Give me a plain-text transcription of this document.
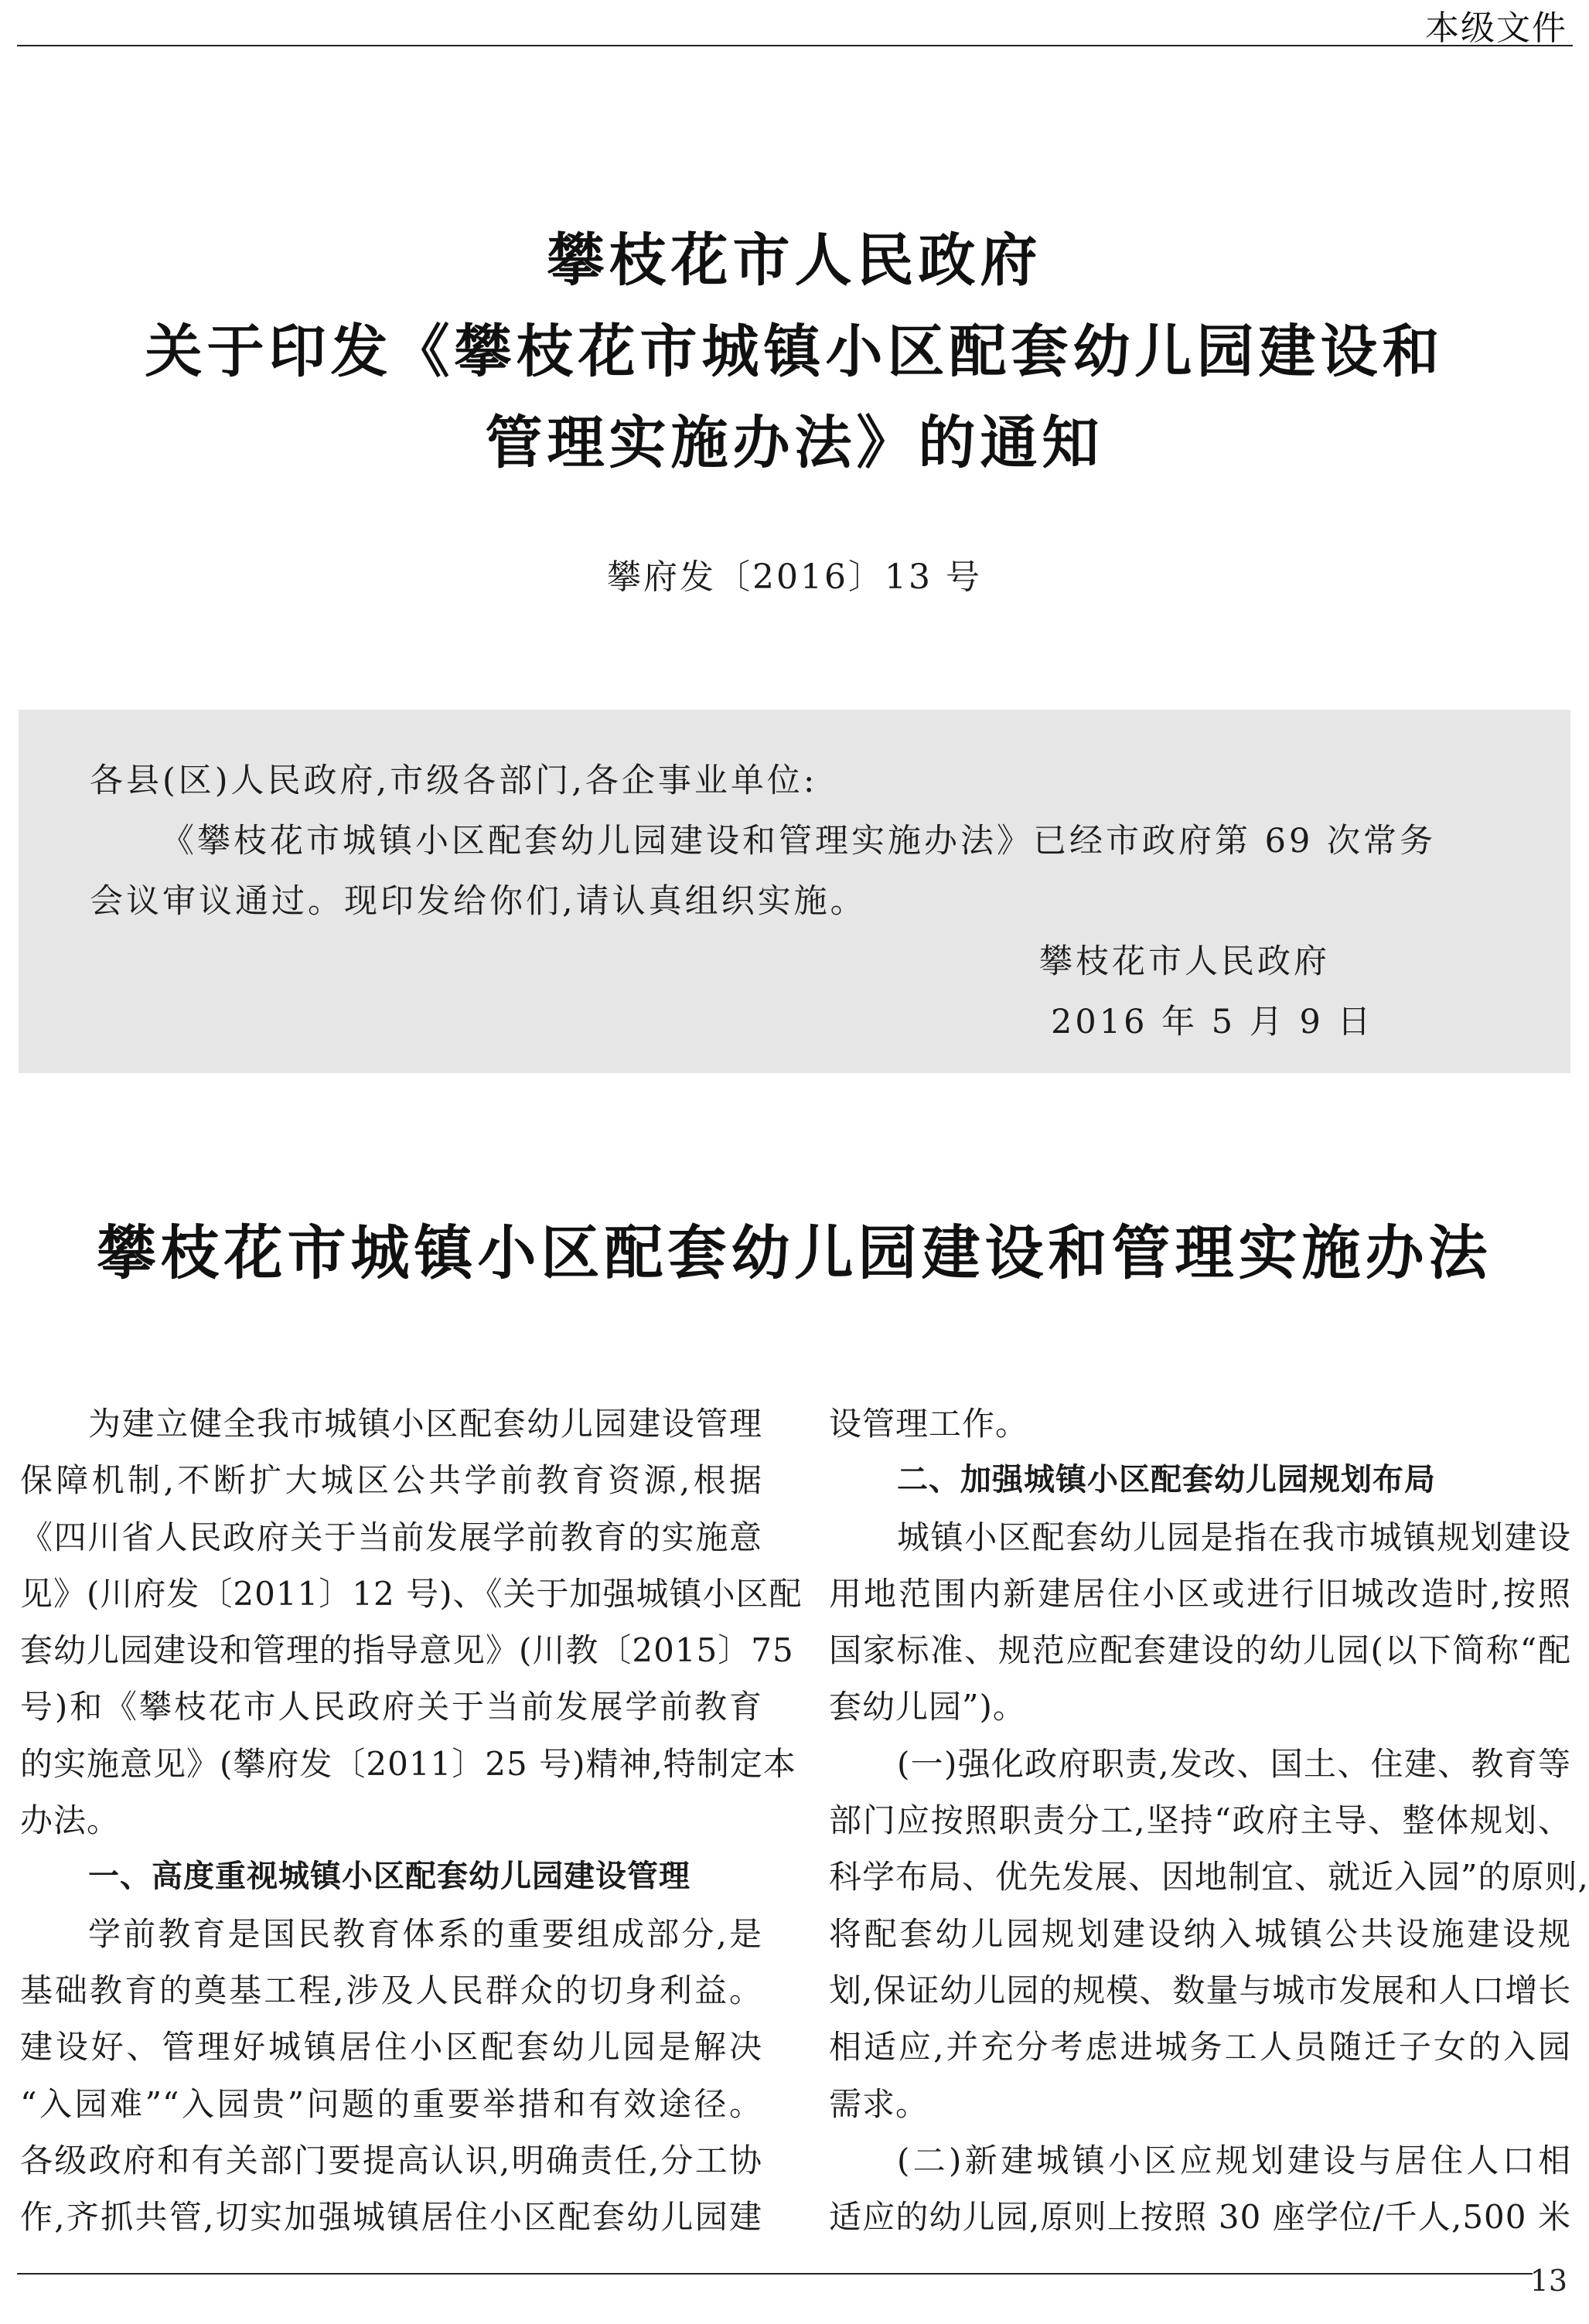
本级文件
攀枝花市人民政府
关于印发《攀枝花市城镇小区配套幼儿园建设和
管理实施办法》的通知
攀府发〔2016〕13 号
各县(区)人民政府,市级各部门,各企事业单位:
《攀枝花市城镇小区配套幼儿园建设和管理实施办法》已经市政府第 69 次常务
会议审议通过。现印发给你们,请认真组织实施。
攀枝花市人民政府
2016 年 5 月 9 日
攀枝花市城镇小区配套幼儿园建设和管理实施办法
为建立健全我市城镇小区配套幼儿园建设管理
保障机制,不断扩大城区公共学前教育资源,根据
《四川省人民政府关于当前发展学前教育的实施意
见》(川府发〔2011〕12 号)、《关于加强城镇小区配
套幼儿园建设和管理的指导意见》(川教〔2015〕75
号)和《攀枝花市人民政府关于当前发展学前教育
的实施意见》(攀府发〔2011〕25 号)精神,特制定本
办法。
一、高度重视城镇小区配套幼儿园建设管理
学前教育是国民教育体系的重要组成部分,是
基础教育的奠基工程,涉及人民群众的切身利益。
建设好、管理好城镇居住小区配套幼儿园是解决
“入园难”“入园贵”问题的重要举措和有效途径。
各级政府和有关部门要提高认识,明确责任,分工协
作,齐抓共管,切实加强城镇居住小区配套幼儿园建
设管理工作。
二、加强城镇小区配套幼儿园规划布局
城镇小区配套幼儿园是指在我市城镇规划建设
用地范围内新建居住小区或进行旧城改造时,按照
国家标准、规范应配套建设的幼儿园(以下简称“配
套幼儿园”)。
(一)强化政府职责,发改、国土、住建、教育等
部门应按照职责分工,坚持“政府主导、整体规划、
科学布局、优先发展、因地制宜、就近入园”的原则,
将配套幼儿园规划建设纳入城镇公共设施建设规
划,保证幼儿园的规模、数量与城市发展和人口增长
相适应,并充分考虑进城务工人员随迁子女的入园
需求。
(二)新建城镇小区应规划建设与居住人口相
适应的幼儿园,原则上按照 30 座学位/千人,500 米
13
